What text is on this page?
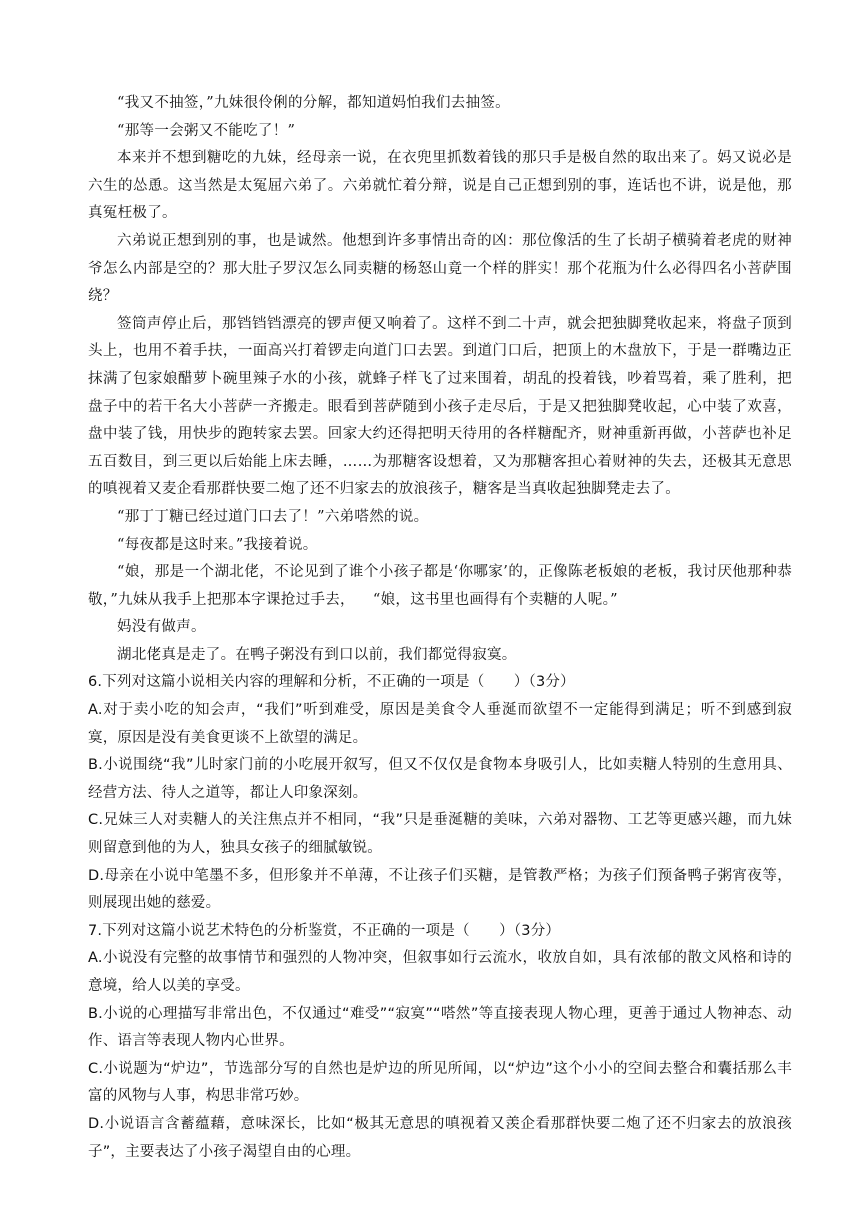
“我又不抽签，”九妹很伶俐的分解，都知道妈怕我们去抽签。

“那等一会粥又不能吃了！”

本来并不想到糖吃的九妹，经母亲一说，在衣兜里抓数着钱的那只手是极自然的取出来了。妈又说必是六生的怂恿。这当然是太冤屈六弟了。六弟就忙着分辩，说是自己正想到别的事，连话也不讲，说是他，那真冤枉极了。

六弟说正想到别的事，也是诚然。他想到许多事情出奇的凶：那位像活的生了长胡子横骑着老虎的财神爷怎么内部是空的？那大肚子罗汉怎么同卖糖的杨怒山竟一个样的胖实！那个花瓶为什么必得四名小菩萨围绕？

签筒声停止后，那铛铛铛漂亮的锣声便又响着了。这样不到二十声，就会把独脚凳收起来，将盘子顶到头上，也用不着手扶，一面高兴打着锣走向道门口去罢。到道门口后，把顶上的木盘放下，于是一群嘴边正抹满了包家娘醋萝卜碗里辣子水的小孩，就蜂子样飞了过来围着，胡乱的投着钱，吵着骂着，乘了胜利，把盘子中的若干名大小菩萨一齐搬走。眼看到菩萨随到小孩子走尽后，于是又把独脚凳收起，心中装了欢喜，盘中装了钱，用快步的跑转家去罢。回家大约还得把明天待用的各样糖配齐，财神重新再做，小菩萨也补足五百数目，到三更以后始能上床去睡，……为那糖客设想着，又为那糖客担心着财神的失去，还极其无意思的嗔视着又麦企看那群快要二炮了还不归家去的放浪孩子，糖客是当真收起独脚凳走去了。

“那丁丁糖已经过道门口去了！”六弟嗒然的说。

“每夜都是这时来。”我接着说。

“娘，那是一个湖北佬，不论见到了谁个小孩子都是‘你哪家’的，正像陈老板娘的老板，我讨厌他那种恭敬，”九妹从我手上把那本字课抢过手去， “娘，这书里也画得有个卖糖的人呢。”

妈没有做声。

湖北佬真是走了。在鸭子粥没有到口以前，我们都觉得寂寞。

6.下列对这篇小说相关内容的理解和分析，不正确的一项是（　　）（3分）

A.对于卖小吃的知会声，“我们”听到难受，原因是美食令人垂涎而欲望不一定能得到满足；听不到感到寂寞，原因是没有美食更谈不上欲望的满足。

B.小说围绕“我”儿时家门前的小吃展开叙写，但又不仅仅是食物本身吸引人，比如卖糖人特别的生意用具、经营方法、待人之道等，都让人印象深刻。

C.兄妹三人对卖糖人的关注焦点并不相同，“我”只是垂涎糖的美味，六弟对器物、工艺等更感兴趣，而九妹则留意到他的为人，独具女孩子的细腻敏锐。

D.母亲在小说中笔墨不多，但形象并不单薄，不让孩子们买糖，是管教严格；为孩子们预备鸭子粥宵夜等，则展现出她的慈爱。

7.下列对这篇小说艺术特色的分析鉴赏，不正确的一项是（　　）（3分）

A.小说没有完整的故事情节和强烈的人物冲突，但叙事如行云流水，收放自如，具有浓郁的散文风格和诗的意境，给人以美的享受。

B.小说的心理描写非常出色，不仅通过“难受”“寂寞”“嗒然”等直接表现人物心理，更善于通过人物神态、动作、语言等表现人物内心世界。

C.小说题为“炉边”，节选部分写的自然也是炉边的所见所闻，以“炉边”这个小小的空间去整合和囊括那么丰富的风物与人事，构思非常巧妙。

D.小说语言含蓄蕴藉，意味深长，比如“极其无意思的嗔视着又羡企看那群快要二炮了还不归家去的放浪孩子”，主要表达了小孩子渴望自由的心理。
